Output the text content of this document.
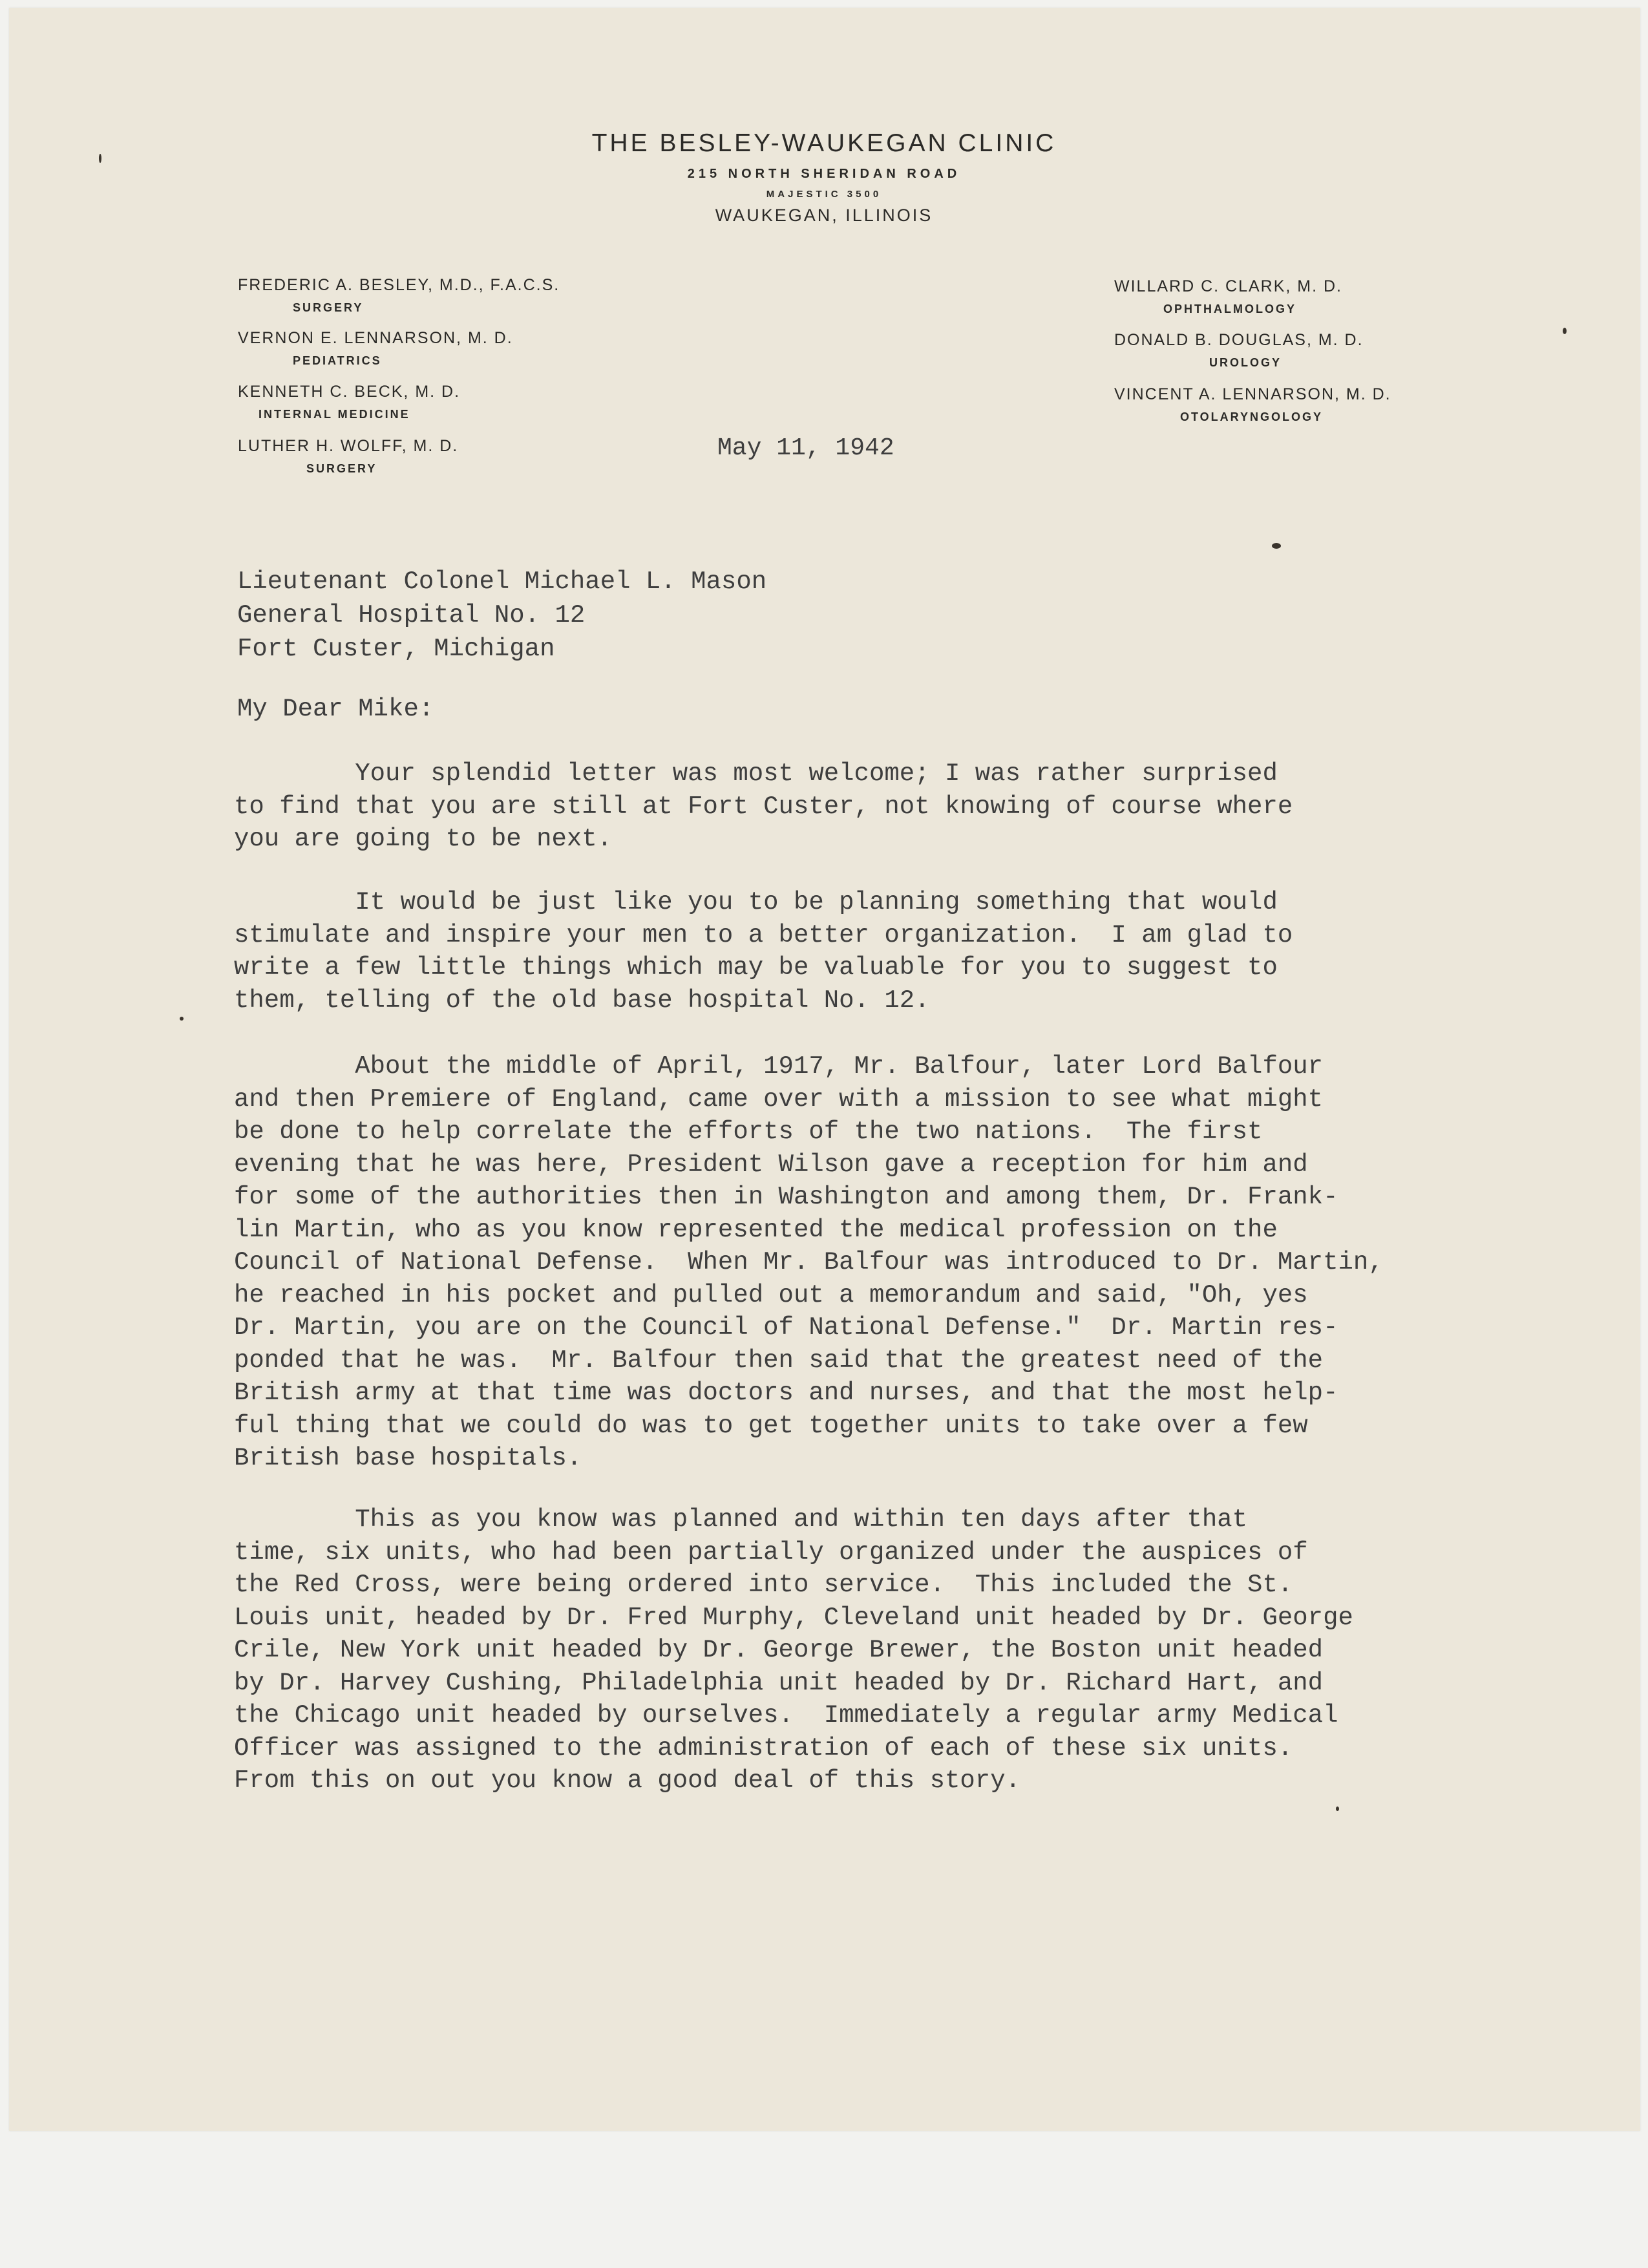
THE BESLEY-WAUKEGAN CLINIC
215 NORTH SHERIDAN ROAD
MAJESTIC 3500
WAUKEGAN, ILLINOIS
FREDERIC A. BESLEY, M.D., F.A.C.S.
SURGERY
VERNON E. LENNARSON, M. D.
PEDIATRICS
KENNETH C. BECK, M. D.
INTERNAL MEDICINE
LUTHER H. WOLFF, M. D.
SURGERY
WILLARD C. CLARK, M. D.
OPHTHALMOLOGY
DONALD B. DOUGLAS, M. D.
UROLOGY
VINCENT A. LENNARSON, M. D.
OTOLARYNGOLOGY
May 11, 1942
Lieutenant Colonel Michael L. Mason
General Hospital No. 12
Fort Custer, Michigan
My Dear Mike:
Your splendid letter was most welcome; I was rather surprised
to find that you are still at Fort Custer, not knowing of course where
you are going to be next.
It would be just like you to be planning something that would
stimulate and inspire your men to a better organization.  I am glad to
write a few little things which may be valuable for you to suggest to
them, telling of the old base hospital No. 12.
About the middle of April, 1917, Mr. Balfour, later Lord Balfour
and then Premiere of England, came over with a mission to see what might
be done to help correlate the efforts of the two nations.  The first
evening that he was here, President Wilson gave a reception for him and
for some of the authorities then in Washington and among them, Dr. Frank-
lin Martin, who as you know represented the medical profession on the
Council of National Defense.  When Mr. Balfour was introduced to Dr. Martin,
he reached in his pocket and pulled out a memorandum and said, "Oh, yes
Dr. Martin, you are on the Council of National Defense."  Dr. Martin res-
ponded that he was.  Mr. Balfour then said that the greatest need of the
British army at that time was doctors and nurses, and that the most help-
ful thing that we could do was to get together units to take over a few
British base hospitals.
This as you know was planned and within ten days after that
time, six units, who had been partially organized under the auspices of
the Red Cross, were being ordered into service.  This included the St.
Louis unit, headed by Dr. Fred Murphy, Cleveland unit headed by Dr. George
Crile, New York unit headed by Dr. George Brewer, the Boston unit headed
by Dr. Harvey Cushing, Philadelphia unit headed by Dr. Richard Hart, and
the Chicago unit headed by ourselves.  Immediately a regular army Medical
Officer was assigned to the administration of each of these six units.
From this on out you know a good deal of this story.
